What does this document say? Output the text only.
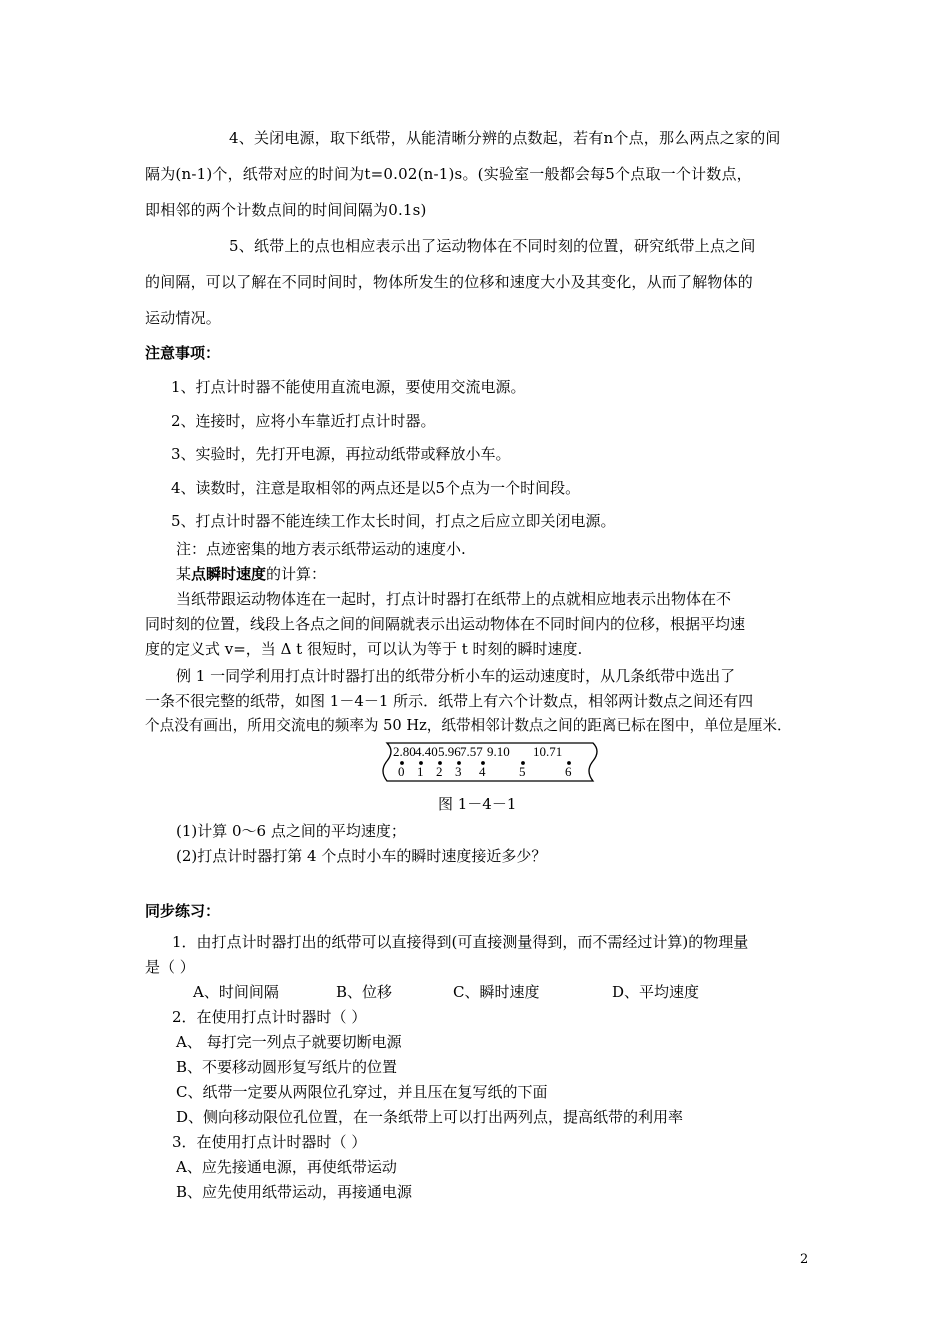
4、关闭电源，取下纸带，从能清晰分辨的点数起，若有n个点，那么两点之家的间
隔为(n-1)个，纸带对应的时间为t=0.02(n-1)s。(实验室一般都会每5个点取一个计数点，
即相邻的两个计数点间的时间间隔为0.1s)
5、纸带上的点也相应表示出了运动物体在不同时刻的位置，研究纸带上点之间
的间隔，可以了解在不同时间时，物体所发生的位移和速度大小及其变化，从而了解物体的
运动情况。
注意事项：
1、打点计时器不能使用直流电源，要使用交流电源。
2、连接时，应将小车靠近打点计时器。
3、实验时，先打开电源，再拉动纸带或释放小车。
4、读数时，注意是取相邻的两点还是以5个点为一个时间段。
5、打点计时器不能连续工作太长时间，打点之后应立即关闭电源。
注：点迹密集的地方表示纸带运动的速度小.
某点瞬时速度的计算：
当纸带跟运动物体连在一起时，打点计时器打在纸带上的点就相应地表示出物体在不
同时刻的位置，线段上各点之间的间隔就表示出运动物体在不同时间内的位移，根据平均速
度的定义式 v=，当 Δ t 很短时，可以认为等于 t 时刻的瞬时速度.
例 1 一同学利用打点计时器打出的纸带分析小车的运动速度时，从几条纸带中选出了
一条不很完整的纸带，如图 1－4－1 所示．纸带上有六个计数点，相邻两计数点之间还有四
个点没有画出，所用交流电的频率为 50 Hz，纸带相邻计数点之间的距离已标在图中，单位是厘米．
2.80 4.40 5.96 7.57 9.10 10.71
0 1 2 3 4	5	6
图 1－4－1
(1)计算 0～6 点之间的平均速度；
(2)打点计时器打第 4 个点时小车的瞬时速度接近多少？
同步练习：
1．由打点计时器打出的纸带可以直接得到(可直接测量得到，而不需经过计算)的物理量
是（ ）
A、时间间隔	B、位移	C、瞬时速度	D、平均速度
2．在使用打点计时器时（ ）
A、 每打完一列点子就要切断电源
B、不要移动圆形复写纸片的位置
C、纸带一定要从两限位孔穿过，并且压在复写纸的下面
D、侧向移动限位孔位置，在一条纸带上可以打出两列点，提高纸带的利用率
3．在使用打点计时器时（ ）
A、应先接通电源，再使纸带运动
B、应先使用纸带运动，再接通电源
2
